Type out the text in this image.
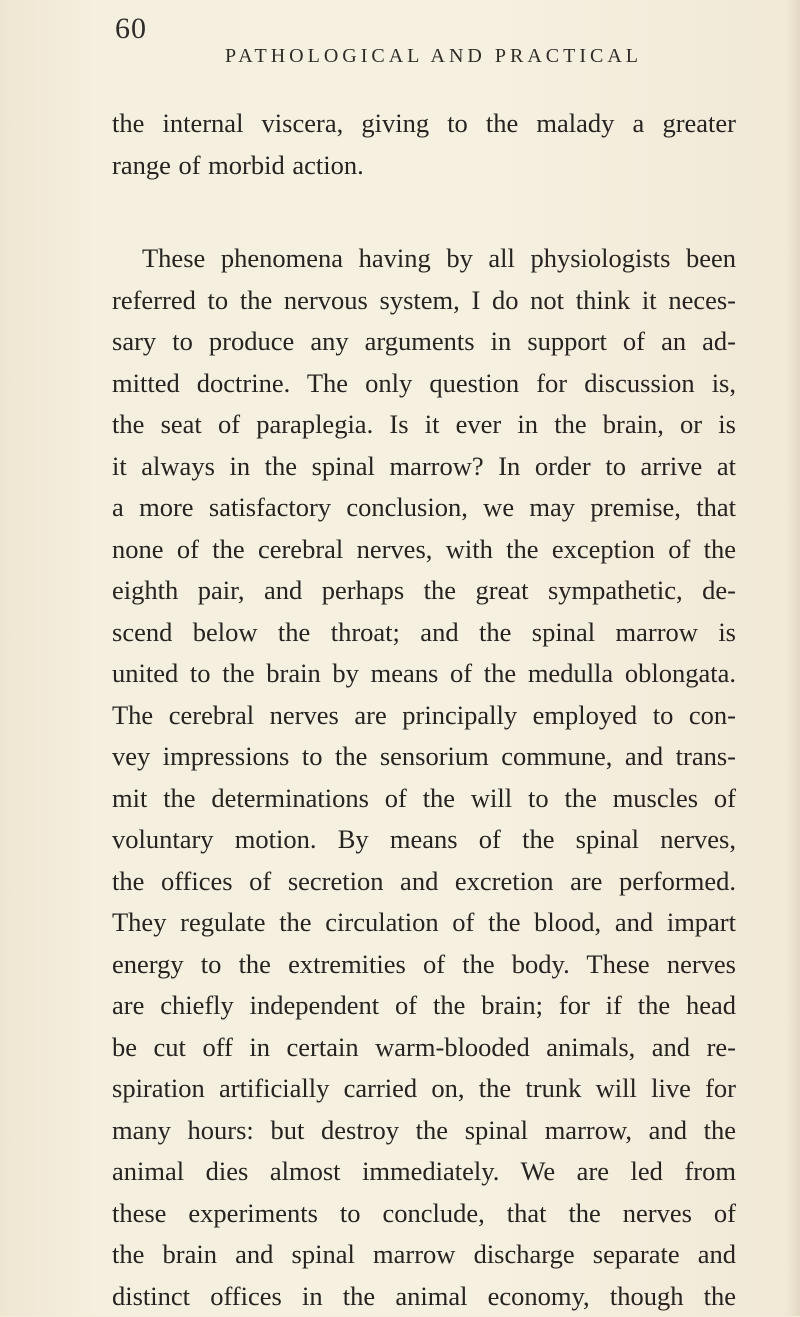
60
PATHOLOGICAL AND PRACTICAL
the internal viscera, giving to the malady a greater
range of morbid action.
These phenomena having by all physiologists been
referred to the nervous system, I do not think it neces-
sary to produce any arguments in support of an ad-
mitted doctrine. The only question for discussion is,
the seat of paraplegia. Is it ever in the brain, or is
it always in the spinal marrow? In order to arrive at
a more satisfactory conclusion, we may premise, that
none of the cerebral nerves, with the exception of the
eighth pair, and perhaps the great sympathetic, de-
scend below the throat; and the spinal marrow is
united to the brain by means of the medulla oblongata.
The cerebral nerves are principally employed to con-
vey impressions to the sensorium commune, and trans-
mit the determinations of the will to the muscles of
voluntary motion. By means of the spinal nerves,
the offices of secretion and excretion are performed.
They regulate the circulation of the blood, and impart
energy to the extremities of the body. These nerves
are chiefly independent of the brain; for if the head
be cut off in certain warm-blooded animals, and re-
spiration artificially carried on, the trunk will live for
many hours: but destroy the spinal marrow, and the
animal dies almost immediately. We are led from
these experiments to conclude, that the nerves of
the brain and spinal marrow discharge separate and
distinct offices in the animal economy, though the
